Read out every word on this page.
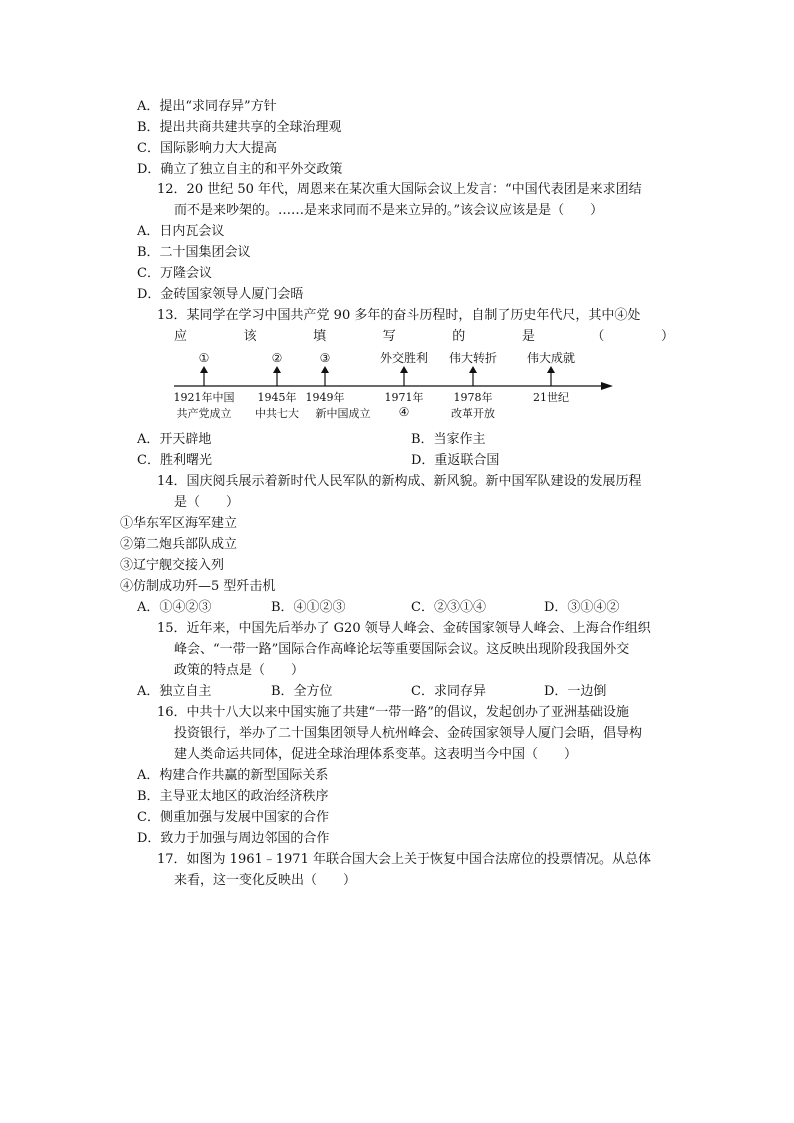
A．提出“求同存异”方针
B．提出共商共建共享的全球治理观
C．国际影响力大大提高
D．确立了独立自主的和平外交政策
12．20 世纪 50 年代，周恩来在某次重大国际会议上发言：“中国代表团是来求团结
而不是来吵架的。……是来求同而不是来立异的。”该会议应该是是（　　）
A．日内瓦会议
B．二十国集团会议
C．万隆会议
D．金砖国家领导人厦门会晤
13．某同学在学习中国共产党 90 多年的奋斗历程时，自制了历史年代尺，其中④处
应	该	填	写	的	是	（	）
①	②	③	外交胜利 伟大转折 伟大成就
1921年中国 1945年 1949年	1971年	1978年	21世纪
共产党成立 中共七大 新中国成立 ④	改革开放
A．开天辟地	B．当家作主
C．胜利曙光	D．重返联合国
14．国庆阅兵展示着新时代人民军队的新构成、新风貌。新中国军队建设的发展历程
是（　　）
①华东军区海军建立
②第二炮兵部队成立
③辽宁舰交接入列
④仿制成功歼—5 型歼击机
A．①④②③	B．④①②③	C．②③①④	D．③①④②
15．近年来，中国先后举办了 G20 领导人峰会、金砖国家领导人峰会、上海合作组织
峰会、“一带一路”国际合作高峰论坛等重要国际会议。这反映出现阶段我国外交
政策的特点是（　　）
A．独立自主	B．全方位	C．求同存异	D．一边倒
16．中共十八大以来中国实施了共建“一带一路”的倡议，发起创办了亚洲基础设施
投资银行，举办了二十国集团领导人杭州峰会、金砖国家领导人厦门会晤，倡导构
建人类命运共同体，促进全球治理体系变革。这表明当今中国（　　）
A．构建合作共赢的新型国际关系
B．主导亚太地区的政治经济秩序
C．侧重加强与发展中国家的合作
D．致力于加强与周边邻国的合作
17．如图为 1961﹣1971 年联合国大会上关于恢复中国合法席位的投票情况。从总体
来看，这一变化反映出（　　）
